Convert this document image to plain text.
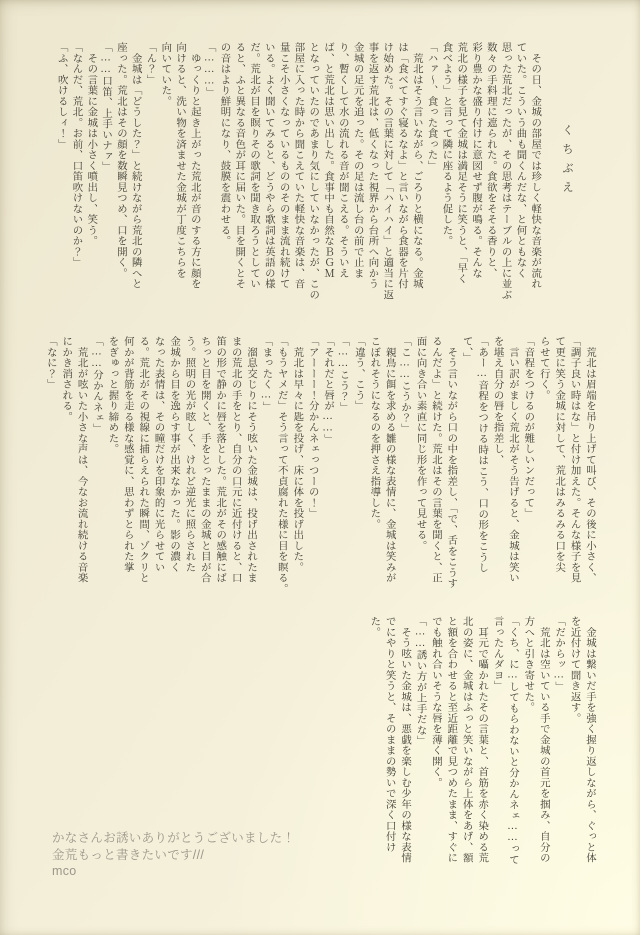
くちぶえ

　その日、金城の部屋では珍しく軽快な音楽が流れ

ていた。こういう曲も聞くんだな、と何ともなく

思った荒北だったが、その思考はテーブルの上に並ぶ

数々の手料理に遮られた。食欲をそそる香りと、

彩り豊かな盛り付けに意図せず腹が鳴る。そんな

荒北の様子を見て金城は満足そうに笑うと、「早く

食べよう」と言って隣に座るよう促した。

「ハァ〜、食った食った」

　荒北はそう言いながら、ごろりと横になる。金城

は「食べてすぐ寝るなよ」と言いながら食器を片付

け始めた。その言葉に対して「ハイハイ」と適当に返

事を返す荒北は、低くなった視界から台所へ向かう

金城の足元を追った。その足は流し台の前で止ま

り、暫くして水の流れる音が聞こえる。そういえ

ば、と荒北は思い出した。食事中も自然なＢＧＭ

となっていたのであまり気にしていなかったが、この

部屋に入った時から聞こえていた軽快な音楽は、音

量こそ小さくなっているもののそのまま流れ続けて

いる。よく聞いてみると、どうやら歌詞は英語の様

だ。荒北が目を瞑りその歌詞を聞き取ろうとしてい

ると、ふと異なる音色が耳に届いた。目を開くとそ

の音はより鮮明になり、鼓膜を震わせる。

「………」

　ゆっくりと起き上がった荒北が音のする方に顔を

向けると、洗い物を済ませた金城が丁度こちらを

向いていた。

「ん？」

　金城は「どうした？」と続けながら荒北の隣へと

座った。荒北はその顔を数瞬見つめ、口を開く。

「……口笛、上手いナァ」

　その言葉に金城は小さく噴出し、笑う。

「なんだ、荒北。お前、口笛吹けないのか？」

「ふ、吹けるしィ！」

　荒北は眉端を吊り上げて叫び、その後に小さく、

「調子良い時はな」と付け加えた。そんな様子を見

て更に笑う金城に対して、荒北はみるみる口を尖

らせて行く。

「音程をつけるのが難しいンだって」

　言い訳がましく荒北がそう告げると、金城は笑い

を堪え自分の唇を指差し、

「あー…音程をつける時はこう、口の形をこうし

て、」

　そう言いながら口の中を指差し、「で、舌をこうす

るんだよ」と続けた。荒北はその言葉を聞くと、正

面に向き合い素直に同じ形を作って見せる。

「こ……こうか？」

　親鳥に餌を求める雛の様な表情に、金城は笑みが

こぼれそうになるのを押さえ指導した。

「違う、こう」

「……こう？」

「それだと唇が……」

「アーーー！分かんネェっつーの！」

　荒北は早々に匙を投げ、床に体を投げ出した。

「もうヤメだ」そう言って不貞腐れた様に目を瞑る。

「まったく…」

　溜息交じりにそう呟いた金城は、投げ出されたま

まの荒北の手をとり、自分の口元に近付けると、口

笛の形で静かに唇を落とした。荒北がその感触にば

ちっと目を開くと、手をとったままの金城と目が合

う。照明の光が眩しく、けれど逆光に照らされた

金城から目を逸らす事が出来なかった。影の濃く

なった表情は、その瞳だけを印象的に光らせてい

る。荒北がその視線に捕らえられた瞬間、ゾクリと

何かが背筋を走る様な感覚に、思わずとられた掌

をぎゅっと握り締めた。

「……分かんネェ」

　荒北が呟いた小さな声は、今なお流れ続ける音楽

にかき消される。

「なに？」

　金城は繋いだ手を強く握り返しながら、ぐっと体

を近付けて聞き返す。

「だからッ…」

　荒北は空いている手で金城の首元を掴み、自分の

方へと引き寄せた。

「くち、に…してもらわないと分かんネェ……って

言ったんダヨ」

　耳元で囁かれたその言葉と、首筋を赤く染める荒

北の姿に、金城はふっと笑いながら上体をあげ、額

と額を合わせると至近距離で見つめたまま、すぐに

でも触れ合いそうな唇を薄く開く。

「……誘い方が上手だな」

　そう呟いた金城は、悪戯を楽しむ少年の様な表情

でにやりと笑うと、そのままの勢いで深く口付け

た。

かなさんお誘いありがとうございました！

金荒もっと書きたいです///

mco
